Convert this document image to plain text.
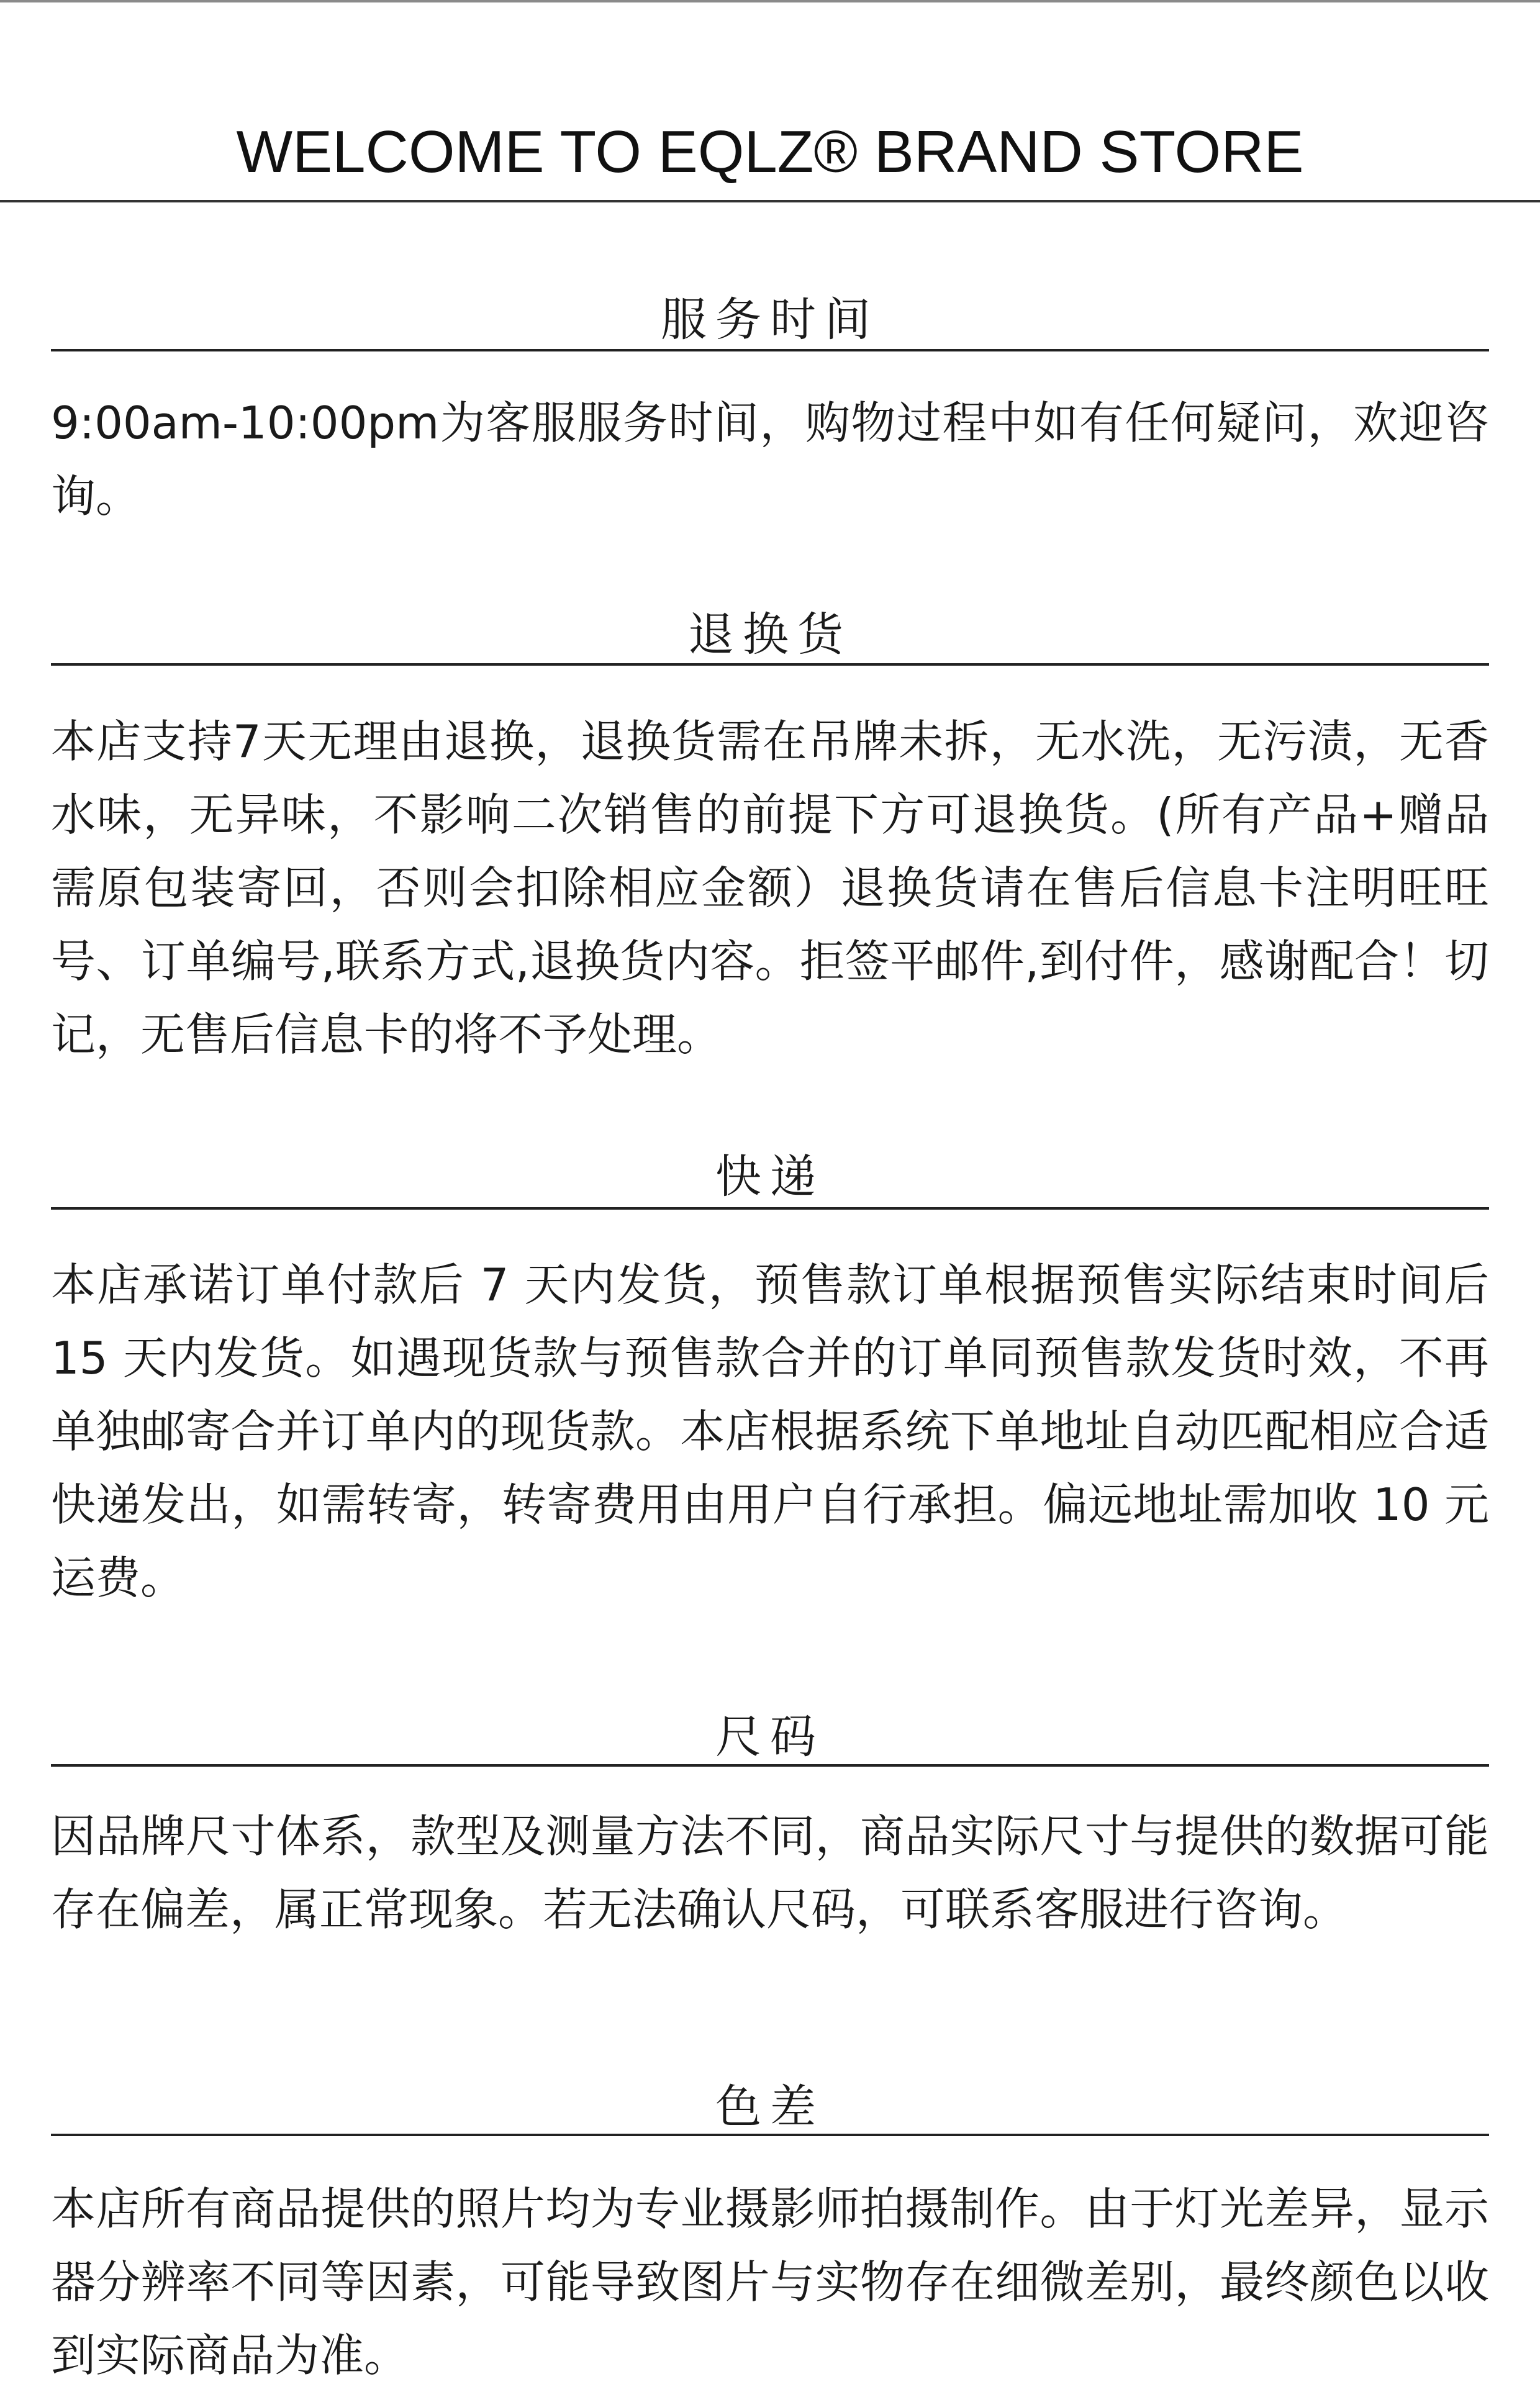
WELCOME TO EQLZ® BRAND STORE
服务时间
9:00am-10:00pm为客服服务时间，购物过程中如有任何疑问，欢迎咨询。
退换货
本店支持7天无理由退换，退换货需在吊牌未拆，无水洗，无污渍，无香水味，无异味，不影响二次销售的前提下方可退换货。(所有产品+赠品需原包装寄回，否则会扣除相应金额）退换货请在售后信息卡注明旺旺号、订单编号,联系方式,退换货内容。拒签平邮件,到付件，感谢配合！切记，无售后信息卡的将不予处理。
快递
本店承诺订单付款后 7 天内发货，预售款订单根据预售实际结束时间后 15 天内发货。如遇现货款与预售款合并的订单同预售款发货时效，不再单独邮寄合并订单内的现货款。本店根据系统下单地址自动匹配相应合适快递发出，如需转寄，转寄费用由用户自行承担。偏远地址需加收 10 元运费。
尺码
因品牌尺寸体系，款型及测量方法不同，商品实际尺寸与提供的数据可能存在偏差，属正常现象。若无法确认尺码，可联系客服进行咨询。
色差
本店所有商品提供的照片均为专业摄影师拍摄制作。由于灯光差异，显示器分辨率不同等因素，可能导致图片与实物存在细微差别，最终颜色以收到实际商品为准。
